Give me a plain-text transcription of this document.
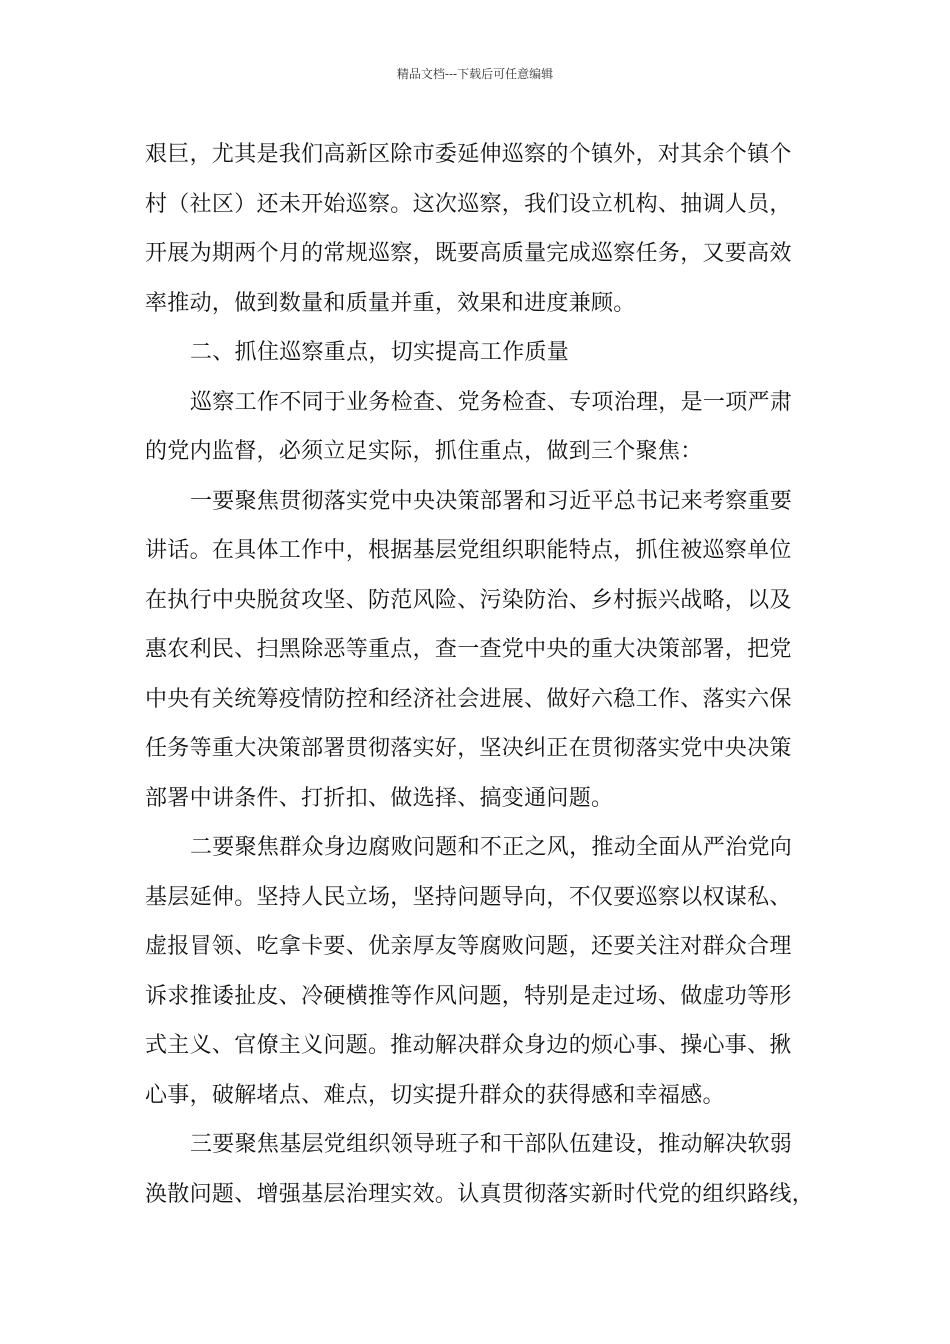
精品文档---下载后可任意编辑

艰巨，尤其是我们高新区除市委延伸巡察的个镇外，对其余个镇个

村（社区）还未开始巡察。这次巡察，我们设立机构、抽调人员，

开展为期两个月的常规巡察，既要高质量完成巡察任务，又要高效

率推动，做到数量和质量并重，效果和进度兼顾。

二、抓住巡察重点，切实提高工作质量

巡察工作不同于业务检查、党务检查、专项治理，是一项严肃

的党内监督，必须立足实际，抓住重点，做到三个聚焦：

一要聚焦贯彻落实党中央决策部署和习近平总书记来考察重要

讲话。在具体工作中，根据基层党组织职能特点，抓住被巡察单位

在执行中央脱贫攻坚、防范风险、污染防治、乡村振兴战略，以及

惠农利民、扫黑除恶等重点，查一查党中央的重大决策部署，把党

中央有关统筹疫情防控和经济社会进展、做好六稳工作、落实六保

任务等重大决策部署贯彻落实好，坚决纠正在贯彻落实党中央决策

部署中讲条件、打折扣、做选择、搞变通问题。

二要聚焦群众身边腐败问题和不正之风，推动全面从严治党向

基层延伸。坚持人民立场，坚持问题导向，不仅要巡察以权谋私、

虚报冒领、吃拿卡要、优亲厚友等腐败问题，还要关注对群众合理

诉求推诿扯皮、冷硬横推等作风问题，特别是走过场、做虚功等形

式主义、官僚主义问题。推动解决群众身边的烦心事、操心事、揪

心事，破解堵点、难点，切实提升群众的获得感和幸福感。

三要聚焦基层党组织领导班子和干部队伍建设，推动解决软弱

涣散问题、增强基层治理实效。认真贯彻落实新时代党的组织路线，
